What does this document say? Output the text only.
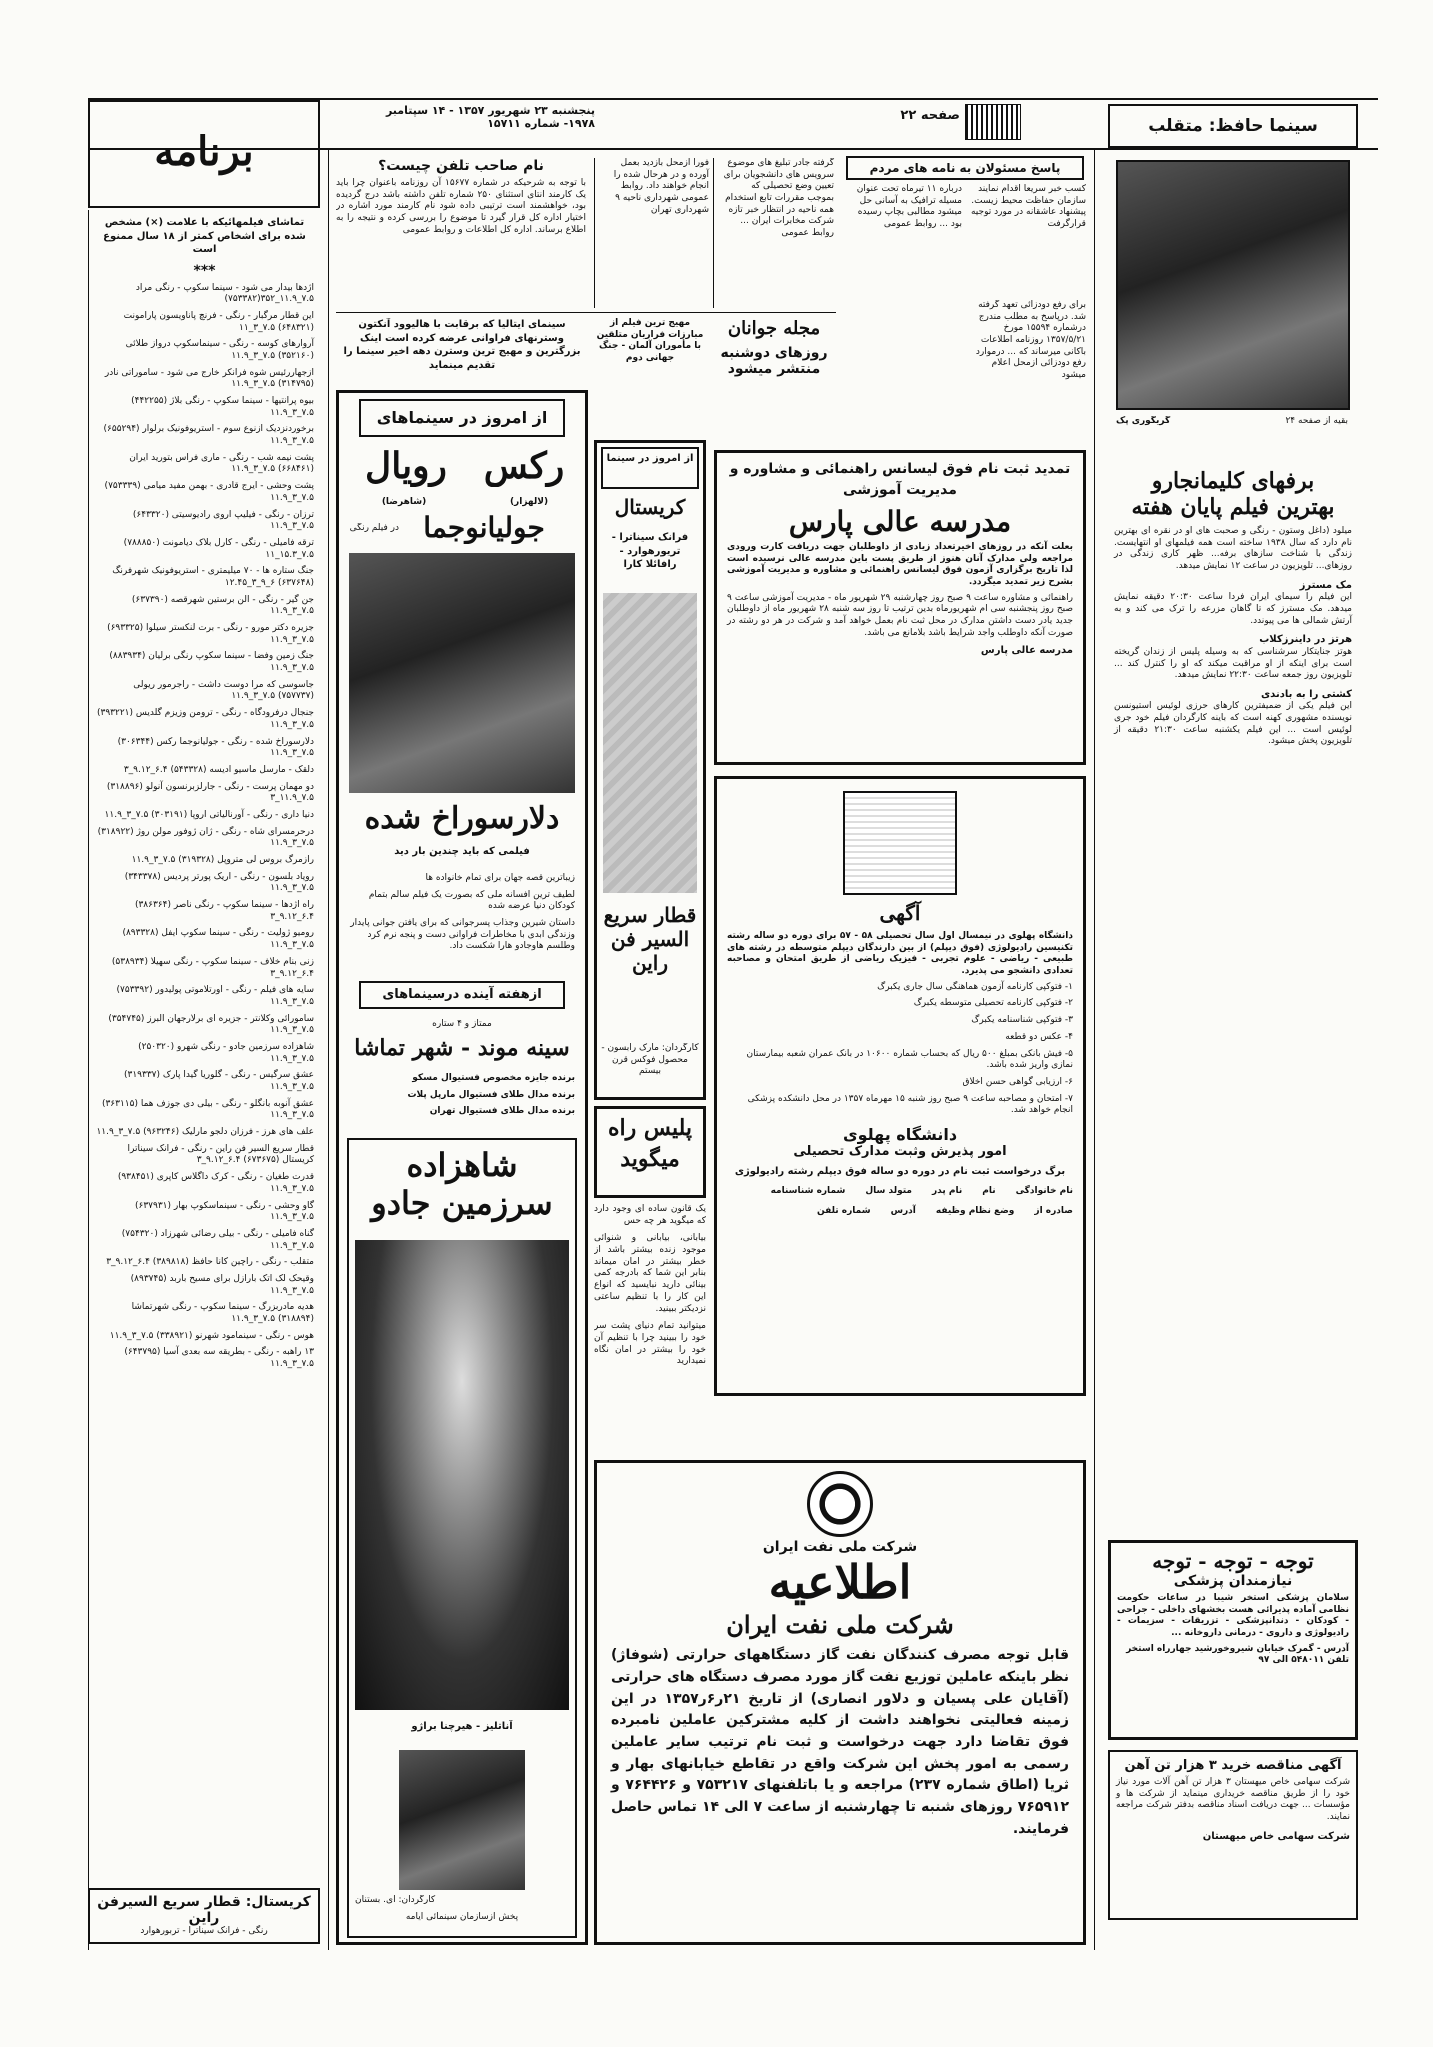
برنامه
پنجشنبه ۲۳ شهریور ۱۳۵۷ - ۱۴ سپتامبر
۱۹۷۸- شماره ۱۵۷۱۱
صفحه ۲۲
سینما حافظ: متقلب
تماشای فیلمهائیکه با علامت (×) مشخص شده برای اشخاص کمتر از ۱۸ سال ممنوع است
***
اژدها بیدار می شود - سینما سکوپ - رنگی مراد ۷.۵_۱۱.۹_۳۵۲(۷۵۳۳۸۲)
این قطار مرگبار - رنگی - فرنچ پاناویسون پارامونت (۶۴۸۳۲۱) ۷.۵_۳_۱۱
آروارهای کوسه - رنگی - سینماسکوپ درواز طلائی (۳۵۲۱۶۰) ۷.۵_۳_۱۱.۹
ازجهاررئیس شوه فرانکر خارج می شود - ساموراتی نادر (۳۱۴۷۹۵) ۷.۵_۳_۱۱.۹
بیوه پرانتیها - سینما سکوپ - رنگی بلاژ (۴۴۲۲۵۵) ۷.۵_۳_۱۱.۹
برخوردنزدیک ازنوع سوم - استریوفونیک برلوار (۶۵۵۲۹۴) ۷.۵_۳_۱۱.۹
پشت نیمه شب - رنگی - ماری فراس بتورید ایران (۶۶۸۴۶۱) ۷.۵_۳_۱۱.۹
پشت وحشی - ایرج قادری - بهمن مفید میامی (۷۵۳۳۳۹) ۷.۵_۳_۱۱.۹
ترزان - رنگی - فیلیپ اروی رادیوسیتی (۶۴۳۳۲۰) ۷.۵_۳_۱۱.۹
ترقه فامیلی - رنگی - کارل بلاک دیامونت (۷۸۸۸۵۰) ۷.۵_۱۵.۳_۱۱
جنگ ستاره ها - ۷۰ میلیمتری - استریوفونیک شهرفرنگ (۶۳۷۶۴۸) ۶_۹_۳_۱۲.۴۵
جن گیر - رنگی - الن برستین شهرقصه (۶۳۷۳۹۰) ۷.۵_۳_۱۱.۹
جزیره دکتر مورو - رنگی - برت لنکستر سیلوا (۶۹۳۳۲۵) ۷.۵_۳_۱۱.۹
جنگ زمین وفضا - سینما سکوپ رنگی برلیان (۸۸۳۹۳۴) ۷.۵_۳_۱۱.۹
جاسوسی که مرا دوست داشت - راجرمور ریولی (۷۵۷۷۳۷) ۷.۵_۳_۱۱.۹
جنجال درفرودگاه - رنگی - ترومن وزیزم گلدیس (۳۹۳۲۲۱) ۷.۵_۳_۱۱.۹
دلارسوراخ شده - رنگی - جولیانوجما رکس (۳۰۶۳۴۴) ۷.۵_۳_۱۱.۹
دلقک - مارسل ماسیو ادیسه (۵۴۳۳۲۸) ۶.۴_۹.۱۲_۳
دو مهمان پرست - رنگی - جارلزبرنسون آنولو (۳۱۸۸۹۶) ۷.۵_۱۱.۹_۳
دنیا داری - رنگی - آورنالیاتی اروپا (۳۰۳۱۹۱) ۷.۵_۳_۱۱.۹
درحرمسرای شاه - رنگی - ژان ژوفور مولن روژ (۳۱۸۹۲۲) ۷.۵_۳_۱۱.۹
رازمرگ بروس لی متروپل (۳۱۹۳۲۸) ۷.۵_۳_۱۱.۹
رویاد بلسون - رنگی - اریک پورتر پردیس (۳۴۳۳۷۸) ۷.۵_۳_۱۱.۹
راه اژدها - سینما سکوپ - رنگی ناصر (۳۸۶۳۶۴) ۶.۴_۹.۱۲_۳
رومیو ژولیت - رنگی - سینما سکوپ ایفل (۸۹۳۳۲۸) ۷.۵_۳_۱۱.۹
زنی بنام خلاف - سینما سکوپ - رنگی سهیلا (۵۳۸۹۳۴) ۶.۴_۹.۱۲_۳
سایه های فیلم - رنگی - اورتلاموتی پولیدور (۷۵۳۳۹۲) ۷.۵_۳_۱۱.۹
سامورائی وکلانتر - جزیره ای برلارجهان البرز (۳۵۴۷۴۵) ۷.۵_۳_۱۱.۹
شاهزاده سرزمین جادو - رنگی شهرو (۲۵۰۳۲۰) ۷.۵_۳_۱۱.۹
عشق سرگیس - رنگی - گلوریا گیدا پارک (۳۱۹۳۳۷) ۷.۵_۳_۱۱.۹
عشق آنوبه بانگلو - رنگی - بیلی دی جوزف هما (۳۶۳۱۱۵) ۷.۵_۳_۱۱.۹
علف های هرز - فرزان دلجو مارلیک (۹۶۳۲۴۶) ۷.۵_۳_۱۱.۹
قطار سریع السیر فن راین - رنگی - فرانک سیناترا کریستال (۶۷۳۶۷۵) ۶.۴_۹.۱۲_۳
قدرت طغیان - رنگی - کرک داگلاس کاپری (۹۳۸۴۵۱) ۷.۵_۳_۱۱.۹
گاو وحشی - رنگی - سینماسکوپ بهار (۶۳۷۹۳۱) ۷.۵_۳_۱۱.۹
گناه فامیلی - رنگی - بیلی رضائی شهرزاد (۷۵۴۳۲۰) ۷.۵_۳_۱۱.۹
متقلب - رنگی - راچین کانا حافظ (۳۸۹۸۱۸) ۶.۴_۹.۱۲_۳
وقیحک لک اتک بارازل برای مسیح باربد (۸۹۳۷۴۵) ۷.۵_۳_۱۱.۹
هدیه مادربزرگ - سینما سکوپ - رنگی شهرتماشا (۳۱۸۸۹۴) ۷.۵_۳_۱۱.۹
هوس - رنگی - سینمامود شهرنو (۳۳۸۹۲۱) ۷.۵_۳_۱۱.۹
۱۳ راهبه - رنگی - بطریقه سه بعدی آسیا (۶۴۳۷۹۵) ۷.۵_۳_۱۱.۹
کریستال: قطار سریع السیرفن راین
رنگی - فرانک سیناترا - تربورهوارد
نام صاحب تلفن چیست؟
با توجه به شرحیکه در شماره ۱۵۶۷۷ آن روزنامه باعنوان چرا باید یک کارمند انتای استثنای ۲۵۰ شماره تلفن داشته باشد درج گردیده بود، خواهشمند است ترتیبی داده شود نام کارمند مورد اشاره در اختیار اداره کل قرار گیرد تا موضوع را بررسی کرده و نتیجه را به اطلاع برساند. اداره کل اطلاعات و روابط عمومی
فوراً ازمحل بازدید بعمل آورده و در هرحال شده را انجام خواهند داد. روابط عمومی شهرداری ناحیه ۹ شهرداری تهران
گرفته جادر تبلیغ های موضوع سرویس های دانشجویان برای تعیین وضع تحصیلی که بموجب مقررات تابع استخدام همه ناحیه در انتظار خبر تازه شرکت مخابرات ایران ... روابط عمومی
پاسخ مسئولان به نامه های مردم
کسب خبر سریعاً اقدام نمایند سازمان حفاظت محیط زیست. پیشنهاد عاشقانه در مورد توجیه قرارگرفت
درباره ۱۱ تیرماه تحت عنوان مسیله ترافیک به آسانی حل میشود مطالبی بچاپ رسیده بود ... روابط عمومی
برای رفع دودزائی تعهد گرفته شد. درپاسخ به مطلب مندرج درشماره ۱۵۵۹۴ مورخ ۱۳۵۷/۵/۲۱ روزنامه اطلاعات باکانی میرساند که ... درموارد رفع دودزائی ازمحل اعلام میشود
مجله جوانان
روزهای دوشنبه منتشر میشود
مهیج ترین فیلم از مبارزات فراریان متلقین با مأموران آلمان - جنگ جهانی دوم
سینمای ایتالیا که برقابت با هالیوود آنکتون وسترنهای فراوانی عرضه کرده است اینک بزرگترین و مهیج ترین وسترن دهه اخیر سینما را تقدیم مینماید
از امروز در سینماهای
رکس
رویال
(لالهزار)
(شاهرضا)
جولیانوجما
در فیلم رنگی
دلارسوراخ شده
فیلمی که باید چندین بار دید
زیباترین قصه جهان برای تمام خانواده ها
لطیف ترین افسانه ملی که بصورت یک فیلم سالم بتمام کودکان دنیا عرضه شده
داستان شیرین وجذاب پسرجوانی که برای یافتن جوانی پایدار وزندگی ابدی با مخاطرات فراوانی دست و پنجه نرم کرد وطلسم هاوجادو هارا شکست داد.
ازهفته آینده درسینماهای
ممتاز و ۴ ستاره
سینه موند - شهر تماشا
برنده جایزه مخصوص فستیوال مسکو
برنده مدال طلای فستیوال مارپل پلات
برنده مدال طلای فستیوال تهران
شاهزاده سرزمین جادو
آناتلیز - هیرچنا براژو
کارگردان: ای. بستنان
پخش ازسازمان سینمائی آیامه
از امروز در سینما
کریستال
فرانک سیناترا - تریورهوارد - رافائلا کارا
قطار سریع السیر فن راین
کارگردان: مارک رابسون - محصول فوکس قرن بیستم
پلیس راه میگوید
یک قانون ساده ای وجود دارد که میگوید هر چه حس
بیابانی، بیابانی و شنوائی موجود زنده بیشتر باشد از خطر بیشتر در امان میماند بنابر این شما که بادرجه کمی بینائی دارید نبایسید که انواع این کار را با تنظیم ساعتی نزدیکتر ببینید.
میتوانید تمام دنیای پشت سر خود را ببینید چرا با تنظیم آن خود را بیشتر در امان نگاه نمیدارید
تمدید ثبت نام فوق لیسانس راهنمائی و مشاوره و مدیریت آموزشی
مدرسه عالی پارس
بعلت آنکه در روزهای اخیرتعداد زیادی از داوطلبان جهت دریافت کارت ورودی مراجعه ولی مدارک آنان هنوز از طریق پست باین مدرسه عالی نرسیده است لذا تاریخ برگزاری آزمون فوق لیسانس راهنمائی و مشاوره و مدیریت آموزشی بشرح زیر تمدید میگردد.
راهنمائی و مشاوره ساعت ۹ صبح روز چهارشنبه ۲۹ شهریور ماه - مدیریت آموزشی ساعت ۹ صبح روز پنجشنبه سی ام شهریورماه بدین ترتیب تا روز سه شنبه ۲۸ شهریور ماه از داوطلبان جدید یادر دست داشتن مدارک در محل ثبت نام بعمل خواهد آمد و شرکت در هر دو رشته در صورت آنکه داوطلب واجد شرایط باشد بلامانع می باشد.
مدرسه عالی پارس
آگهی
دانشگاه پهلوی در نیمسال اول سال تحصیلی ۵۸ - ۵۷ برای دوره دو ساله رشته تکنیسین رادیولوژی (فوق دیپلم) از بین دارندگان دیپلم متوسطه در رشته های طبیعی - ریاضی - علوم تجربی - فیزیک ریاضی از طریق امتحان و مصاحبه تعدادی دانشجو می پذیرد.
۱- فتوکپی کارنامه آزمون هماهنگی سال جاری یکبرگ
۲- فتوکپی کارنامه تحصیلی متوسطه یکبرگ
۳- فتوکپی شناسنامه یکبرگ
۴- عکس دو قطعه
۵- فیش بانکی بمبلغ ۵۰۰ ریال که بحساب شماره ۱۰۶۰۰ در بانک عمران شعبه بیمارستان نمازی واریز شده باشد.
۶- ارزیابی گواهی حسن اخلاق
۷- امتحان و مصاحبه ساعت ۹ صبح روز شنبه ۱۵ مهرماه ۱۳۵۷ در محل دانشکده پزشکی انجام خواهد شد.
دانشگاه پهلوی
امور پذیرش وثبت مدارک تحصیلی
برگ درخواست ثبت نام در دوره دو ساله فوق دیپلم رشته رادیولوژی
نام خانوادگی
نام
نام پدر
متولد سال
شماره شناسنامه
صادره از
وضع نظام وظیفه
آدرس
شماره تلفن
شرکت ملی نفت ایران
اطلاعیه
شرکت ملی نفت ایران
قابل توجه مصرف کنندگان نفت گاز دستگاههای حرارتی (شوفاژ) نظر باینکه عاملین توزیع نفت گاز مورد مصرف دستگاه های حرارتی (آقایان علی پسیان و دلاور انصاری) از تاریخ ۲۱ر۶ر۱۳۵۷ در این زمینه فعالیتی نخواهند داشت از کلیه مشترکین عاملین نامبرده فوق تقاضا دارد جهت درخواست و ثبت نام ترتیب سایر عاملین رسمی به امور پخش این شرکت واقع در تقاطع خیابانهای بهار و ثریا (اطاق شماره ۲۳۷) مراجعه و یا باتلفنهای ۷۵۳۲۱۷ و ۷۶۴۴۲۶ و ۷۶۵۹۱۲ روزهای شنبه تا چهارشنبه از ساعت ۷ الی ۱۴ تماس حاصل فرمایند.
بقیه از صفحه ۲۴
گریگوری پک
برفهای کلیمانجارو
بهترین فیلم پایان هفته
میلود (داغل وستون - رنگی و صحبت های او در نقره ای بهترین نام دارد که سال ۱۹۳۸ ساخته است همه فیلمهای او انتهایست. زندگی با شناخت سازهای برفه... ظهر کاری زندگی در روزهای... تلویزیون در ساعت ۱۲ نمایش میدهد.
مک مسترز
این فیلم را سیمای ایران فردا ساعت ۲۰:۳۰ دقیقه نمایش میدهد. مک مسترز که تا گاهان مزرعه را ترک می کند و به آرتش شمالی ها می پیوندد.
هرتز در داینرزکلاب
هوتز جنایتکار سرشناسی که به وسیله پلیس از زندان گریخته است برای اینکه از او مراقبت میکند که او را کنترل کند ... تلویزیون روز جمعه ساعت ۲۲:۳۰ نمایش میدهد.
کشتی را به بادندی
این فیلم یکی از ضمیفترین کارهای حرزی لوئیس استیونسن نویسنده مشهوری کهنه است که باینه کارگردان فیلم خود جری لوئیس است ... این فیلم یکشنبه ساعت ۲۱:۳۰ دقیقه از تلویزیون پخش میشود.
توجه - توجه - توجه
نیازمندان پزشکی
سلامان پزشکی استخر شیبا در ساعات حکومت نظامی آماده پذیرائی هست بخشهای داخلی - جراحی - کودکان - دندانپزشکی - تزریقات - سزیمات - رادیولوژی و داروی - درمانی داروخانه ...
آدرس - گمرک خیابان شیروخورشید جهارراه استخر تلفن ۵۴۸۰۱۱ الی ۹۷
آگهی مناقصه خرید ۳ هزار تن آهن
شرکت سهامی خاص میهستان ۳ هزار تن آهن آلات مورد نیاز خود را از طریق مناقصه خریداری مینماید از شرکت ها و مؤسسات ... جهت دریافت اسناد مناقصه بدفتر شرکت مراجعه نمایند.
شرکت سهامی خاص میهستان
